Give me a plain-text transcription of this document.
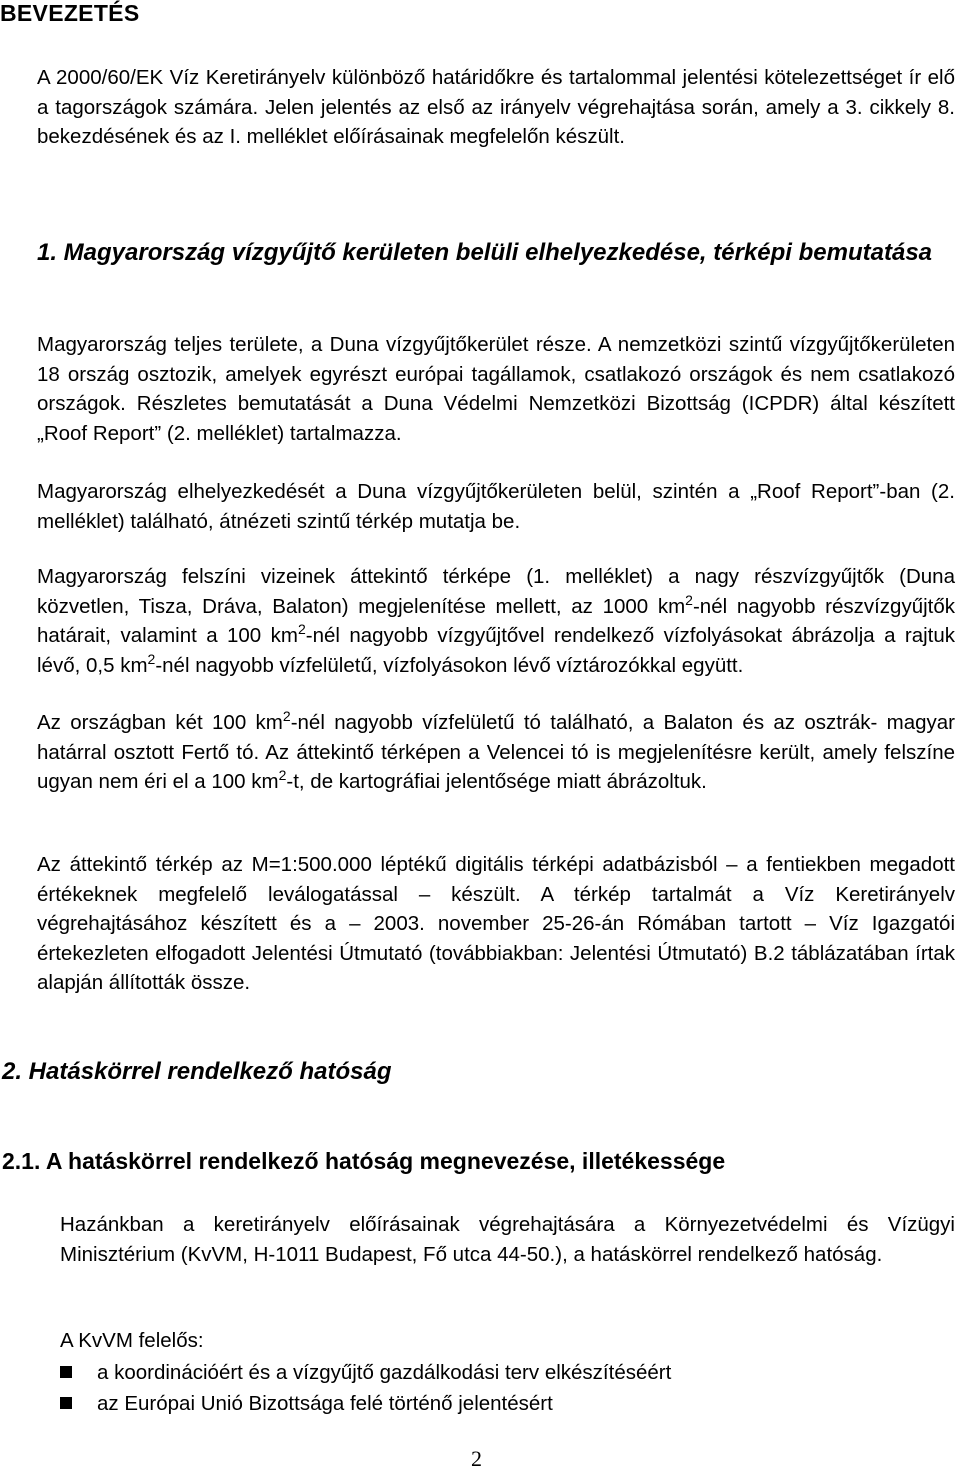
BEVEZETÉS

A 2000/60/EK Víz Keretirányelv különböző határidőkre és tartalommal jelentési kötelezettséget ír elő a tagországok számára. Jelen jelentés az első az irányelv végrehajtása során, amely a 3. cikkely 8. bekezdésének és az I. melléklet előírásainak megfelelőn készült.

1. Magyarország vízgyűjtő kerületen belüli elhelyezkedése, térképi bemutatása

Magyarország teljes területe, a Duna vízgyűjtőkerület része. A nemzetközi szintű vízgyűjtőkerületen 18 ország osztozik, amelyek egyrészt európai tagállamok, csatlakozó országok és nem csatlakozó országok. Részletes bemutatását a Duna Védelmi Nemzetközi Bizottság (ICPDR) által készített „Roof Report” (2. melléklet) tartalmazza.

Magyarország elhelyezkedését a Duna vízgyűjtőkerületen belül, szintén a „Roof Report”-ban (2. melléklet) található, átnézeti szintű térkép mutatja be.

Magyarország felszíni vizeinek áttekintő térképe (1. melléklet) a nagy részvízgyűjtők (Duna közvetlen, Tisza, Dráva, Balaton) megjelenítése mellett, az 1000 $km^2$-nél nagyobb részvízgyűjtők határait, valamint a 100 $km^2$-nél nagyobb vízgyűjtővel rendelkező vízfolyásokat ábrázolja a rajtuk lévő, 0,5 $km^2$-nél nagyobb vízfelületű, vízfolyásokon lévő víztározókkal együtt.

Az országban két 100 $km^2$-nél nagyobb vízfelületű tó található, a Balaton és az osztrák- magyar határral osztott Fertő tó. Az áttekintő térképen a Velencei tó is megjelenítésre került, amely felszíne ugyan nem éri el a 100 $km^2-t$, de kartográfiai jelentősége miatt ábrázoltuk.

Az áttekintő térkép az M=1:500.000 léptékű digitális térképi adatbázisból – a fentiekben megadott értékeknek megfelelő leválogatással – készült. A térkép tartalmát a Víz Keretirányelv végrehajtásához készített és a – 2003. november 25-26-án Rómában tartott – Víz Igazgatói értekezleten elfogadott Jelentési Útmutató (továbbiakban: Jelentési Útmutató) B.2 táblázatában írtak alapján állították össze.

2. Hatáskörrel rendelkező hatóság
2.1. A hatáskörrel rendelkező hatóság megnevezése, illetékessége

Hazánkban a keretirányelv előírásainak végrehajtására a Környezetvédelmi és Vízügyi Minisztérium (KvVM, H-1011 Budapest, Fő utca 44-50.), a hatáskörrel rendelkező hatóság.

A KvVM felelős:

a koordinációért és a vízgyűjtő gazdálkodási terv elkészítéséért
az Európai Unió Bizottsága felé történő jelentésért
2
